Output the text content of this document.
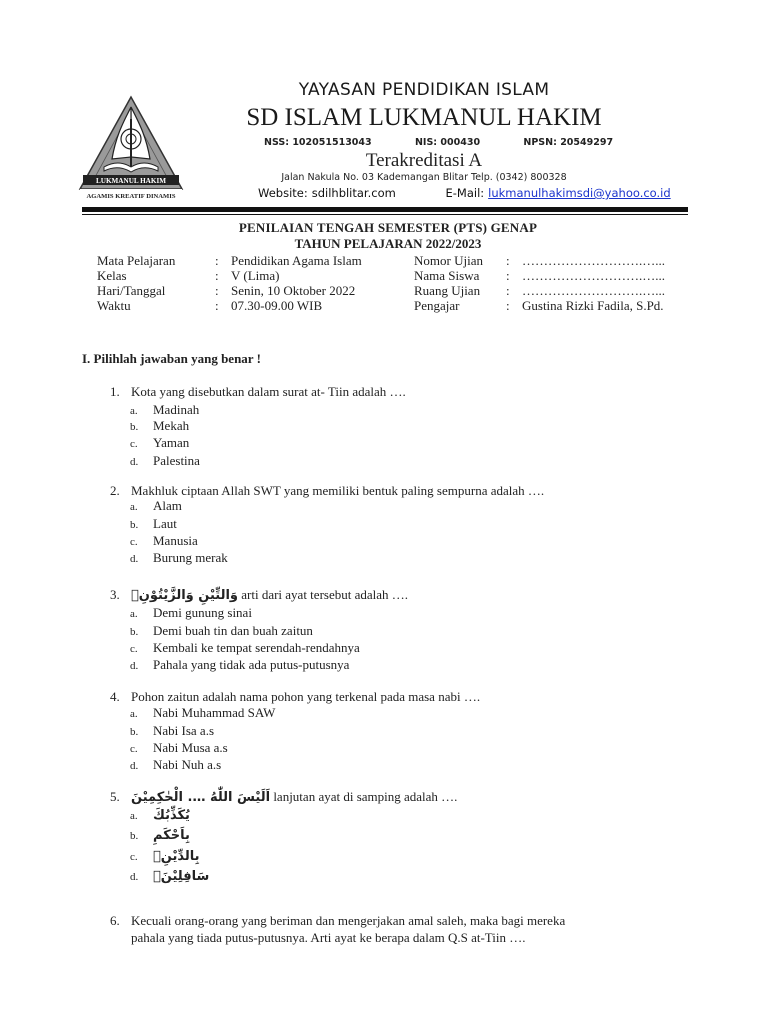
LUKMANUL HAKIM
AGAMIS KREATIF DINAMIS

YAYASAN PENDIDIKAN ISLAM

SD ISLAM LUKMANUL HAKIM

NSS: 102051513043	NIS: 000430	NPSN: 20549297

Terakreditasi A

Jalan Nakula No. 03 Kademangan Blitar Telp. (0342) 800328

Website: sdilhblitar.com	E-Mail: lukmanulhakimsdi@yahoo.co.id

PENILAIAN TENGAH SEMESTER (PTS) GENAP

TAHUN PELAJARAN 2022/2023

Mata Pelajaran	: Pendidikan Agama Islam	Nomor Ujian : ……………………….…...
Kelas	: V (Lima)	Nama Siswa : ……………………….…...
Hari/Tanggal	: Senin, 10 Oktober 2022	Ruang Ujian : ……………………….…...
Waktu	: 07.30-09.00 WIB	Pengajar	: Gustina Rizki Fadila, S.Pd.
I. Pilihlah jawaban yang benar !
1. Kota yang disebutkan dalam surat at- Tiin adalah ….
a. Madinah
b. Mekah
c. Yaman
d. Palestina
2. Makhluk ciptaan Allah SWT yang memiliki bentuk paling sempurna adalah ….
a. Alam
b. Laut
c. Manusia
d. Burung merak
3. وَالتِّيْنِ وَالزَّيْتُوْنِۙ arti dari ayat tersebut adalah ….
a. Demi gunung sinai
b. Demi buah tin dan buah zaitun
c. Kembali ke tempat serendah-rendahnya
d. Pahala yang tidak ada putus-putusnya
4. Pohon zaitun adalah nama pohon yang terkenal pada masa nabi ….
a. Nabi Muhammad SAW
b. Nabi Isa a.s
c. Nabi Musa a.s
d. Nabi Nuh a.s
5. اَلَيْسَ اللّٰهُ …. الْحٰكِمِيْنَ lanjutan ayat di samping adalah ….
a. يُكَذِّبُكَ
b. بِاَحْكَمِ
c. بِالدِّيْنِۗ
d. سَافِلِيْنَۙ
6. Kecuali orang-orang yang beriman dan mengerjakan amal saleh, maka bagi mereka
pahala yang tiada putus-putusnya. Arti ayat ke berapa dalam Q.S at-Tiin ….
